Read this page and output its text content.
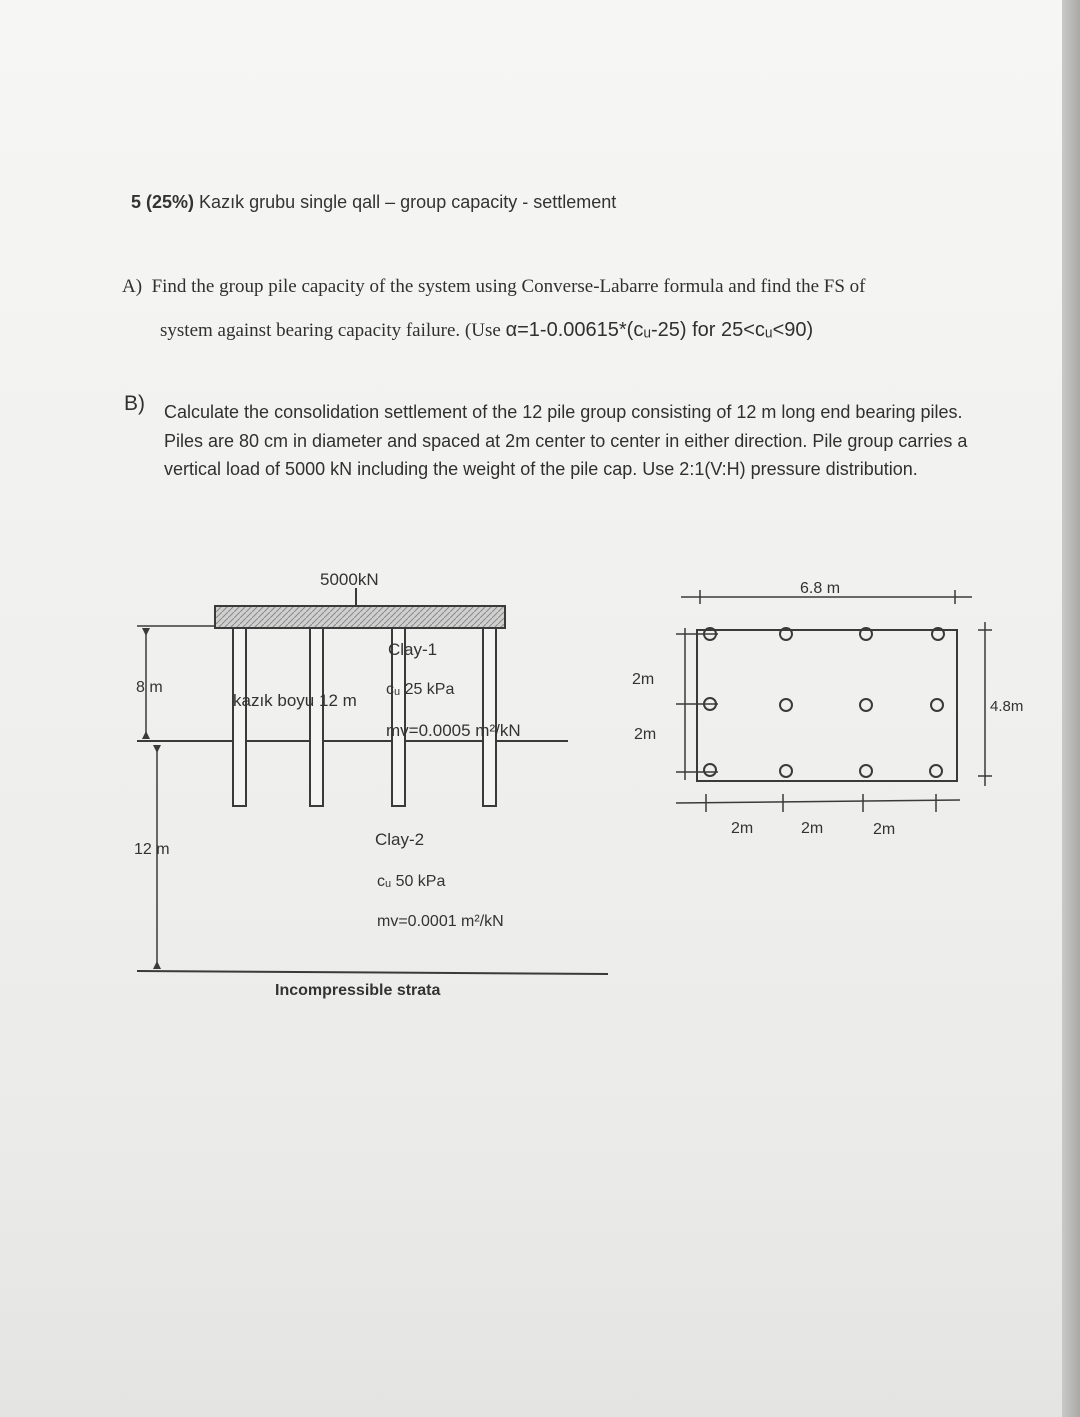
5 (25%) Kazık grubu single qall – group capacity - settlement
A) Find the group pile capacity of the system using Converse-Labarre formula and find the FS of
system against bearing capacity failure. (Use α=1-0.00615*(cᵤ-25) for 25<cᵤ<90)
B) Calculate the consolidation settlement of the 12 pile group consisting of 12 m long end bearing piles. Piles are 80 cm in diameter and spaced at 2m center to center in either direction. Pile group carries a vertical load of 5000 kN including the weight of the pile cap. Use 2:1(V:H) pressure distribution.
5000kN
8 m
12 m
kazık boyu 12 m
Clay-1
cᵤ 25 kPa
mv=0.0005 m²/kN
Clay-2
cᵤ 50 kPa
mv=0.0001 m²/kN
Incompressible strata
6.8 m
4.8m
2m
2m
2m	2m	2m
